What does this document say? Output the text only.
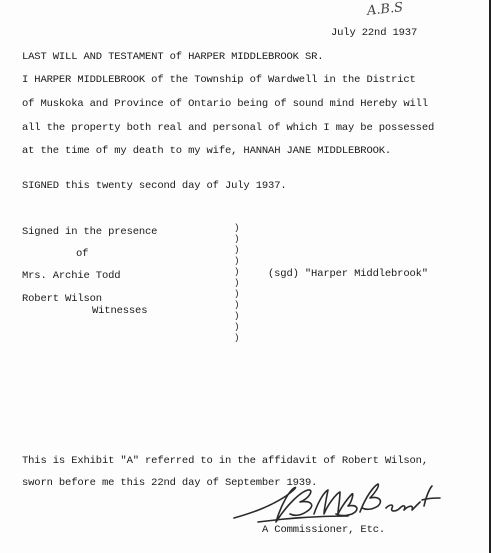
A.B.S
July 22nd 1937
LAST WILL AND TESTAMENT of HARPER MIDDLEBROOK SR.
I HARPER MIDDLEBROOK of the Township of Wardwell in the District
of Muskoka and Province of Ontario being of sound mind Hereby will
all the property both real and personal of which I may be possessed
at the time of my death to my wife, HANNAH JANE MIDDLEBROOK.
SIGNED this twenty second day of July 1937.
Signed in the presence
of
Mrs. Archie Todd
Robert Wilson
Witnesses
)
)
)
)
)
)
)
)
)
)
)
(sgd) "Harper Middlebrook"
This is Exhibit "A" referred to in the affidavit of Robert Wilson,
sworn before me this 22nd day of September 1939.
A Commissioner, Etc.
